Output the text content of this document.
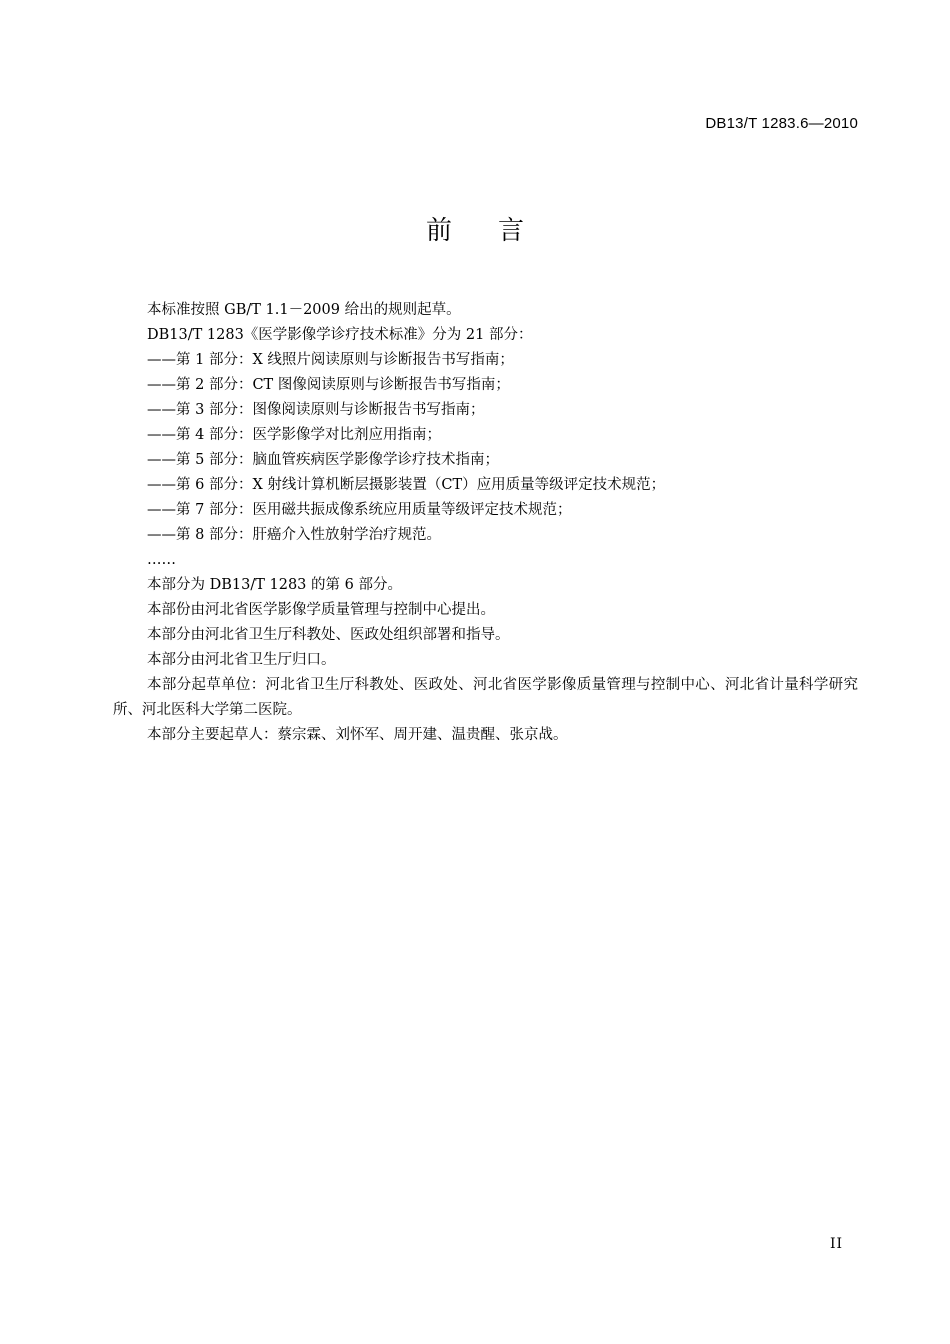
DB13/T 1283.6—2010
前言

本标准按照 GB/T 1.1－2009 给出的规则起草。

DB13/T 1283《医学影像学诊疗技术标准》分为 21 部分：

——第 1 部分：X 线照片阅读原则与诊断报告书写指南；

——第 2 部分：CT 图像阅读原则与诊断报告书写指南；

——第 3 部分：图像阅读原则与诊断报告书写指南；

——第 4 部分：医学影像学对比剂应用指南；

——第 5 部分：脑血管疾病医学影像学诊疗技术指南；

——第 6 部分：X 射线计算机断层摄影装置（CT）应用质量等级评定技术规范；

——第 7 部分：医用磁共振成像系统应用质量等级评定技术规范；

——第 8 部分：肝癌介入性放射学治疗规范。

……

本部分为 DB13/T 1283 的第 6 部分。

本部份由河北省医学影像学质量管理与控制中心提出。

本部分由河北省卫生厅科教处、医政处组织部署和指导。

本部分由河北省卫生厅归口。

本部分起草单位：河北省卫生厅科教处、医政处、河北省医学影像质量管理与控制中心、河北省计量科学研究所、河北医科大学第二医院。

本部分主要起草人：蔡宗霖、刘怀军、周开建、温贵醒、张京战。

II
